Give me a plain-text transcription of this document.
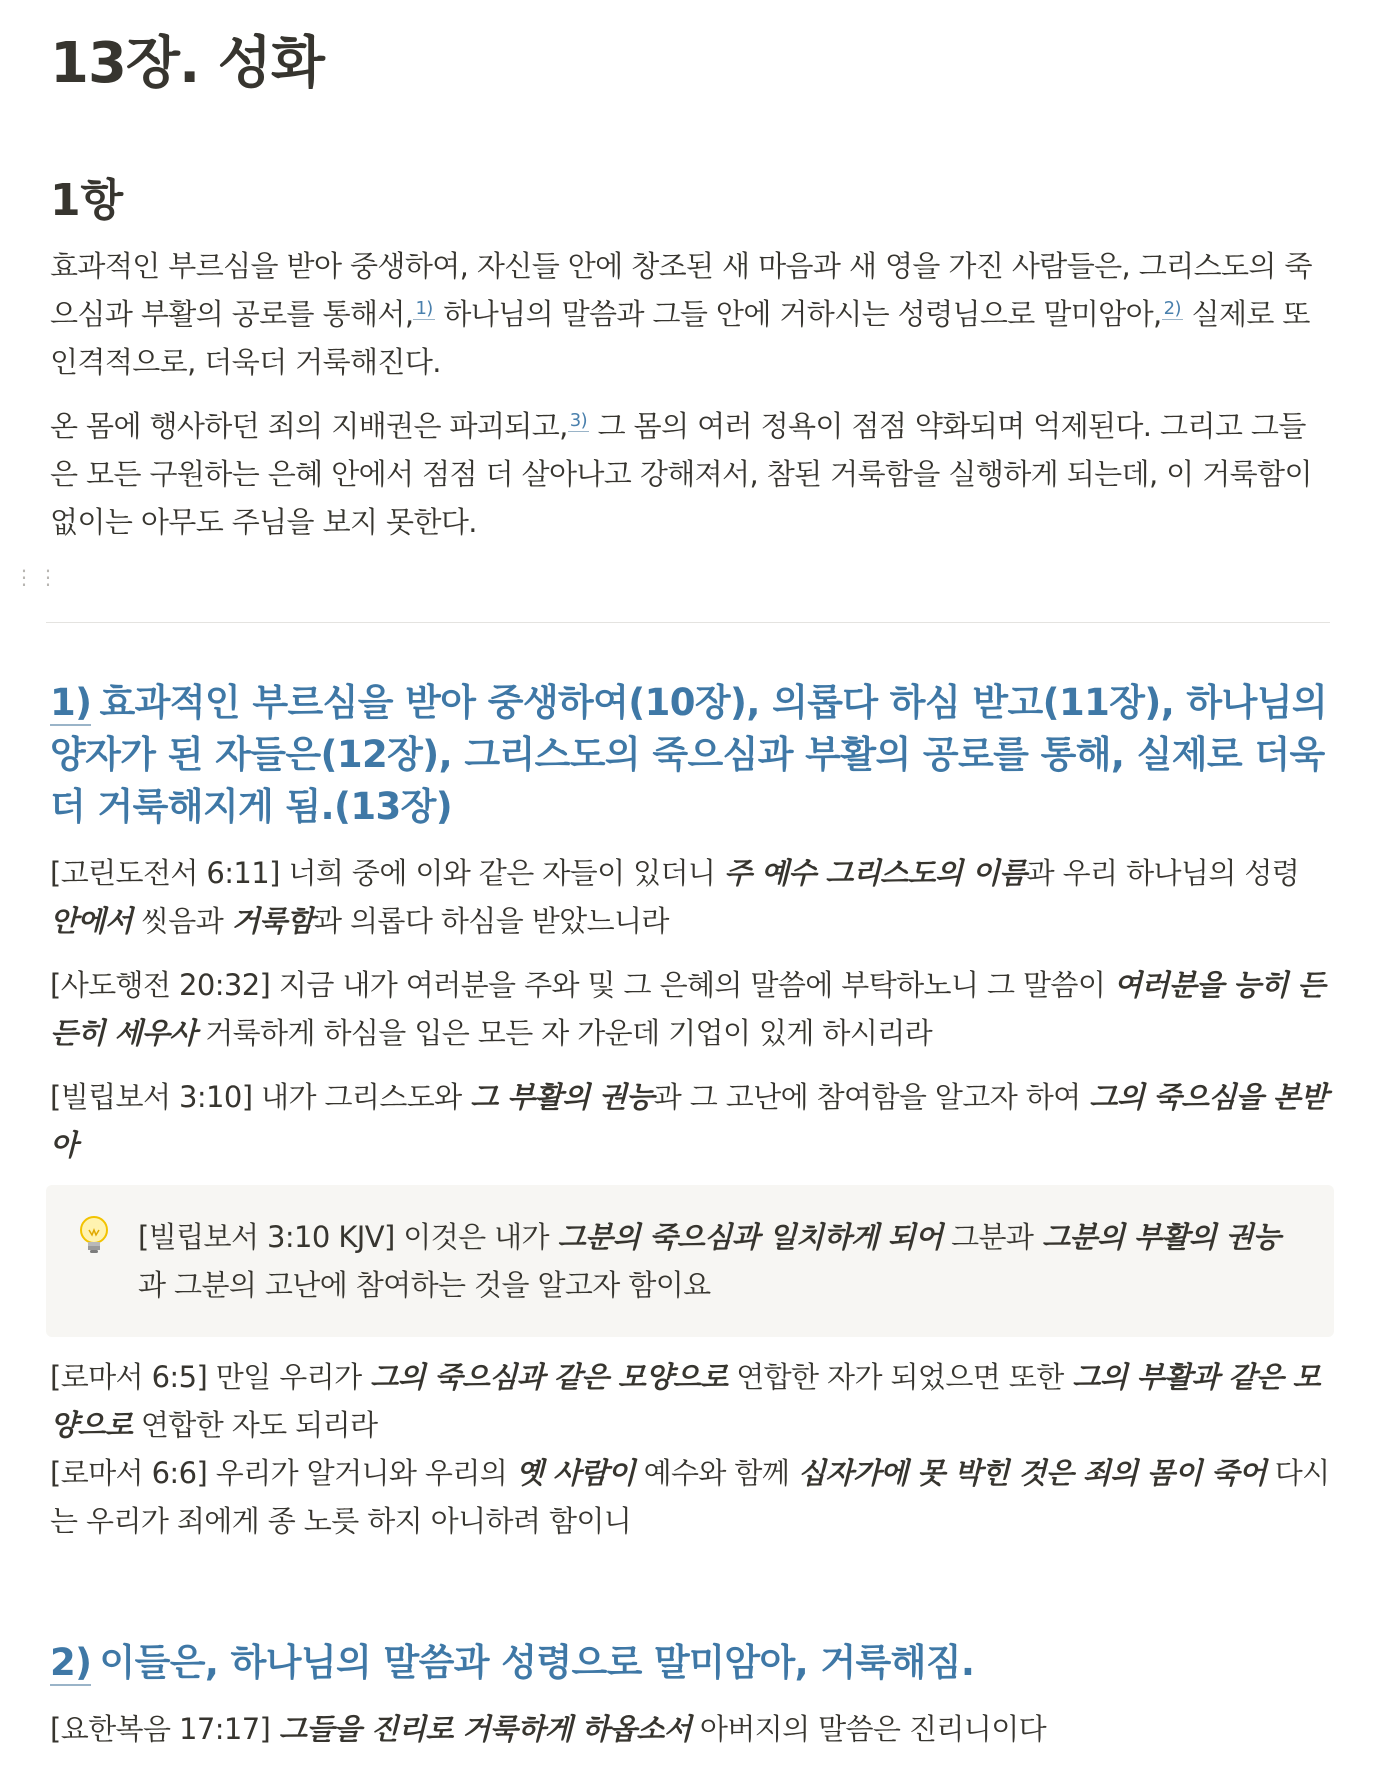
⋮⋮
13장. 성화
1항

효과적인 부르심을 받아 중생하여, 자신들 안에 창조된 새 마음과 새 영을 가진 사람들은, 그리스도의 죽으심과 부활의 공로를 통해서, $^{1)}$ 하나님의 말씀과 그들 안에 거하시는 성령님으로 말미암아, $^{2)}$ 실제로 또 인격적으로, 더욱더 거룩해진다.

온 몸에 행사하던 죄의 지배권은 파괴되고, $^{3)}$ 그 몸의 여러 정욕이 점점 약화되며 억제된다. 그리고 그들은 모든 구원하는 은혜 안에서 점점 더 살아나고 강해져서, 참된 거룩함을 실행하게 되는데, 이 거룩함이 없이는 아무도 주님을 보지 못한다.

1) 효과적인 부르심을 받아 중생하여(10장), 의롭다 하심 받고(11장), 하나님의 양자가 된 자들은(12장), 그리스도의 죽으심과 부활의 공로를 통해, 실제로 더욱더 거룩해지게 됨.(13장)
[고린도전서 6:11] 너희 중에 이와 같은 자들이 있더니 주 예수 그리스도의 이름과 우리 하나님의 성령 안에서 씻음과 거룩함과 의롭다 하심을 받았느니라
[사도행전 20:32] 지금 내가 여러분을 주와 및 그 은혜의 말씀에 부탁하노니 그 말씀이 여러분을 능히 든든히 세우사 거룩하게 하심을 입은 모든 자 가운데 기업이 있게 하시리라
[빌립보서 3:10] 내가 그리스도와 그 부활의 권능과 그 고난에 참여함을 알고자 하여 그의 죽으심을 본받아
[빌립보서 3:10 KJV] 이것은 내가 그분의 죽으심과 일치하게 되어 그분과 그분의 부활의 권능과 그분의 고난에 참여하는 것을 알고자 함이요
[로마서 6:5] 만일 우리가 그의 죽으심과 같은 모양으로 연합한 자가 되었으면 또한 그의 부활과 같은 모양으로 연합한 자도 되리라
[로마서 6:6] 우리가 알거니와 우리의 옛 사람이 예수와 함께 십자가에 못 박힌 것은 죄의 몸이 죽어 다시는 우리가 죄에게 종 노릇 하지 아니하려 함이니
2) 이들은, 하나님의 말씀과 성령으로 말미암아, 거룩해짐.
[요한복음 17:17] 그들을 진리로 거룩하게 하옵소서 아버지의 말씀은 진리니이다
